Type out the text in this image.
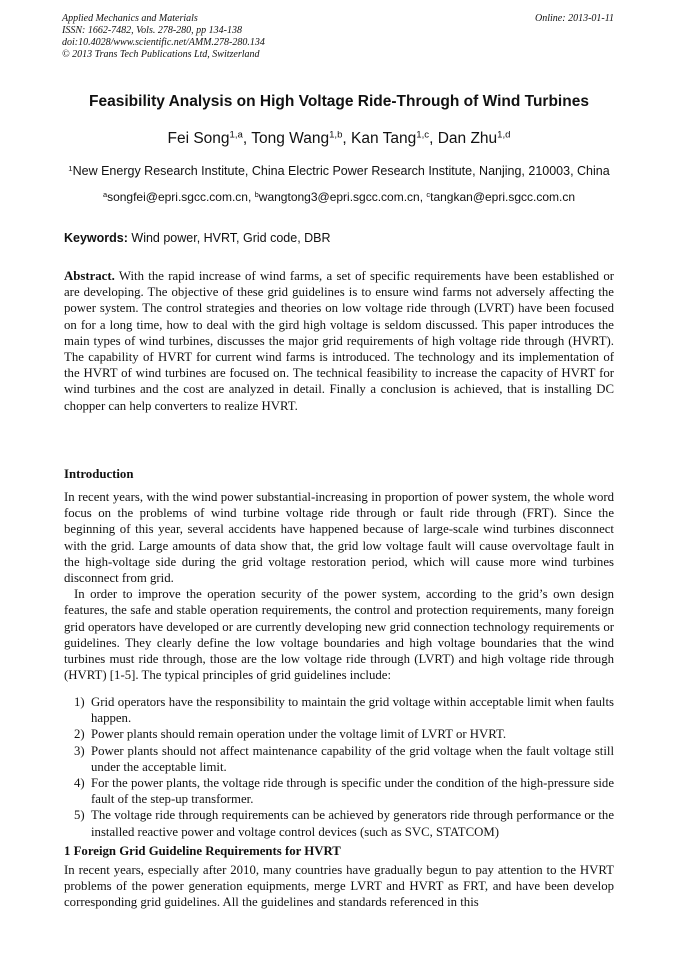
Applied Mechanics and Materials
ISSN: 1662-7482, Vols. 278-280, pp 134-138
doi:10.4028/www.scientific.net/AMM.278-280.134
© 2013 Trans Tech Publications Ltd, Switzerland
Online: 2013-01-11
Feasibility Analysis on High Voltage Ride-Through of Wind Turbines
Fei Song$^{1,a}$, Tong Wang$^{1,b}$, Kan Tang$^{1,c}$, Dan Zhu$^{1,d}$
$^1$New Energy Research Institute, China Electric Power Research Institute, Nanjing, 210003, China
$^a$songfei@epri.sgcc.com.cn, $^b$wangtong3@epri.sgcc.com.cn, $^c$tangkan@epri.sgcc.com.cn
Keywords: Wind power, HVRT, Grid code, DBR
Abstract. With the rapid increase of wind farms, a set of specific requirements have been established or are developing. The objective of these grid guidelines is to ensure wind farms not adversely affecting the power system. The control strategies and theories on low voltage ride through (LVRT) have been focused on for a long time, how to deal with the gird high voltage is seldom discussed. This paper introduces the main types of wind turbines, discusses the major grid requirements of high voltage ride through (HVRT). The capability of HVRT for current wind farms is introduced. The technology and its implementation of the HVRT of wind turbines are focused on. The technical feasibility to increase the capacity of HVRT for wind turbines and the cost are analyzed in detail. Finally a conclusion is achieved, that is installing DC chopper can help converters to realize HVRT.
Introduction
In recent years, with the wind power substantial-increasing in proportion of power system, the whole word focus on the problems of wind turbine voltage ride through or fault ride through (FRT). Since the beginning of this year, several accidents have happened because of large-scale wind turbines disconnect with the grid. Large amounts of data show that, the grid low voltage fault will cause overvoltage fault in the high-voltage side during the grid voltage restoration period, which will cause more wind turbines disconnect from grid.
In order to improve the operation security of the power system, according to the grid’s own design features, the safe and stable operation requirements, the control and protection requirements, many foreign grid operators have developed or are currently developing new grid connection technology requirements or guidelines. They clearly define the low voltage boundaries and high voltage boundaries that the wind turbines must ride through, those are the low voltage ride through (LVRT) and high voltage ride through (HVRT) [1-5]. The typical principles of grid guidelines include:
1) Grid operators have the responsibility to maintain the grid voltage within acceptable limit when faults happen.
2) Power plants should remain operation under the voltage limit of LVRT or HVRT.
3) Power plants should not affect maintenance capability of the grid voltage when the fault voltage still under the acceptable limit.
4) For the power plants, the voltage ride through is specific under the condition of the high-pressure side fault of the step-up transformer.
5) The voltage ride through requirements can be achieved by generators ride through performance or the installed reactive power and voltage control devices (such as SVC, STATCOM)
1 Foreign Grid Guideline Requirements for HVRT
In recent years, especially after 2010, many countries have gradually begun to pay attention to the HVRT problems of the power generation equipments, merge LVRT and HVRT as FRT, and have been develop corresponding grid guidelines. All the guidelines and standards referenced in this
